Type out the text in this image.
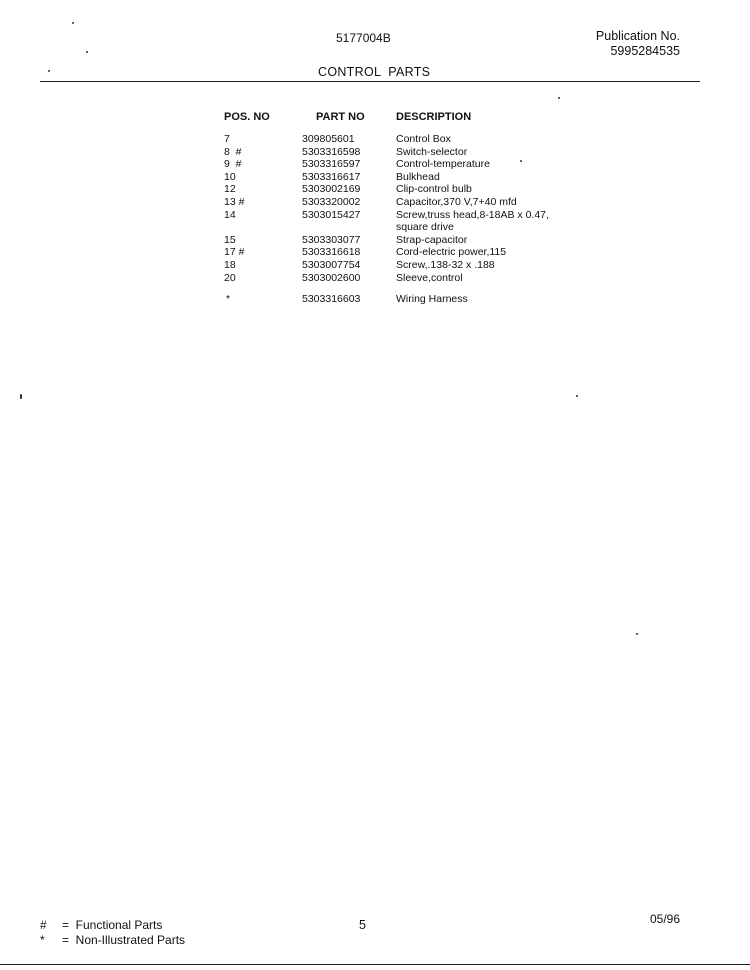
5177004B	Publication No.
5995284535
CONTROL  PARTS
POS. NO	PART NO	DESCRIPTION
7	309805601	Control Box
8  #	5303316598	Switch-selector
9  #	5303316597	Control-temperature
10	5303316617	Bulkhead
12	5303002169	Clip-control bulb
13 #	5303320002	Capacitor,370 V,7+40 mfd
14	5303015427	Screw,truss head,8-18AB x 0.47,
square drive
15	5303303077	Strap-capacitor
17 #	5303316618	Cord-electric power,115
18	5303007754	Screw,.138-32 x .188
20	5303002600	Sleeve,control
*	5303316603	Wiring Harness
# =  Functional Parts
* =  Non-Illustrated Parts
5	05/96
